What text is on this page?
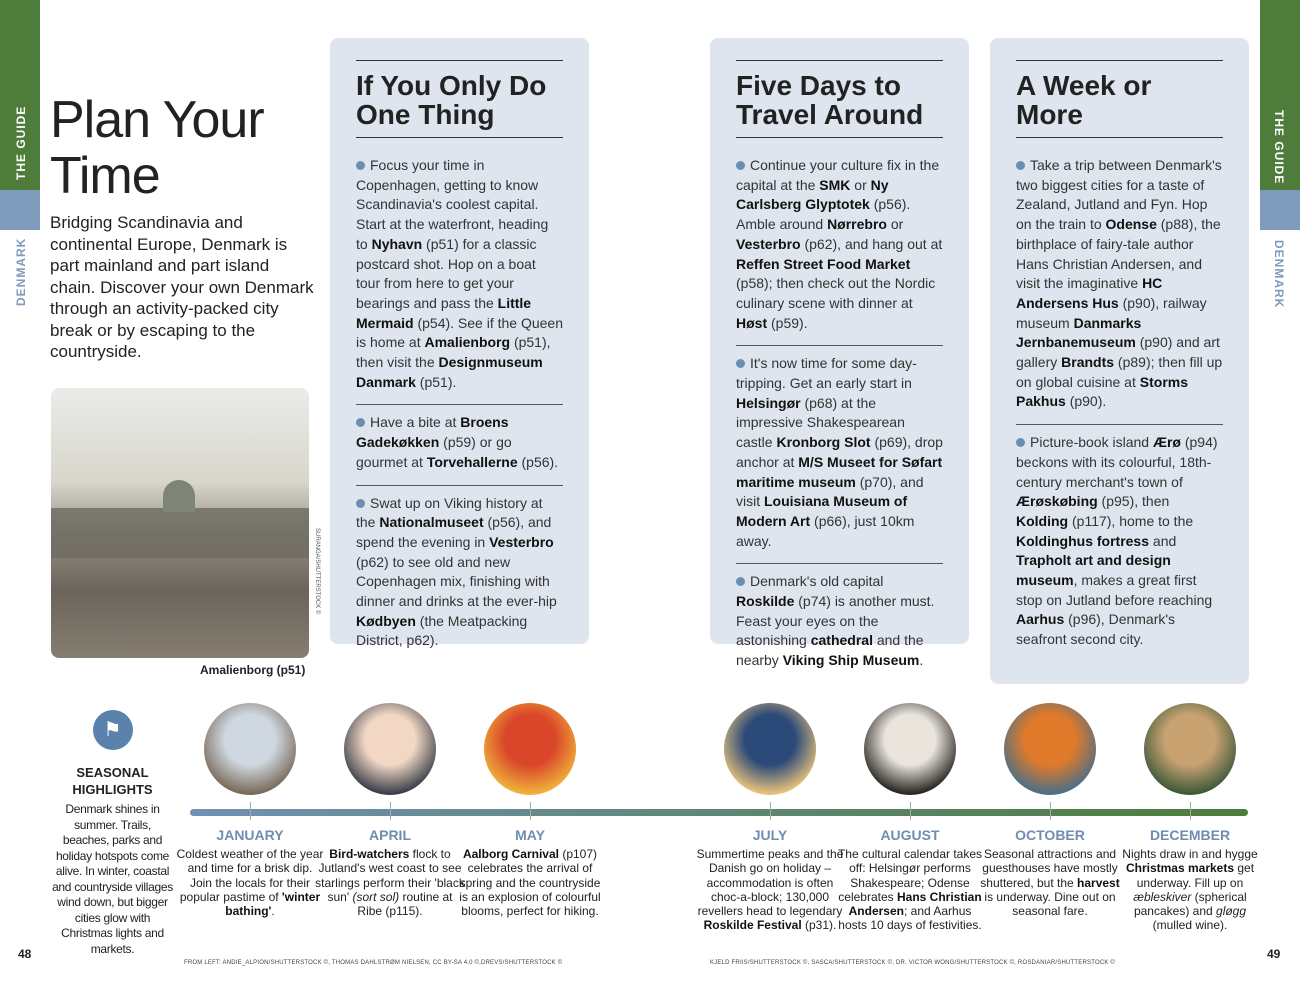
THE GUIDE
DENMARK
THE GUIDE
DENMARK
Plan Your Time

Bridging Scandinavia and continental Europe, Denmark is part mainland and part island chain. Discover your own Denmark through an activity-packed city break or by escaping to the countryside.

SURANGA/SHUTTERSTOCK ©
Amalienborg (p51)
If You Only Do One Thing

Focus your time in Copenhagen, getting to know Scandinavia's coolest capital. Start at the waterfront, heading to Nyhavn (p51) for a classic postcard shot. Hop on a boat tour from here to get your bearings and pass the Little Mermaid (p54). See if the Queen is home at Amalienborg (p51), then visit the Designmuseum Danmark (p51).

Have a bite at Broens Gadekøkken (p59) or go gourmet at Torvehallerne (p56).

Swat up on Viking history at the Nationalmuseet (p56), and spend the evening in Vesterbro (p62) to see old and new Copenhagen mix, finishing with dinner and drinks at the ever-hip Kødbyen (the Meatpacking District, p62).

Five Days to Travel Around

Continue your culture fix in the capital at the SMK or Ny Carlsberg Glyptotek (p56). Amble around Nørrebro or Vesterbro (p62), and hang out at Reffen Street Food Market (p58); then check out the Nordic culinary scene with dinner at Høst (p59).

It's now time for some day-tripping. Get an early start in Helsingør (p68) at the impressive Shakespearean castle Kronborg Slot (p69), drop anchor at M/S Museet for Søfart maritime museum (p70), and visit Louisiana Museum of Modern Art (p66), just 10km away.

Denmark's old capital Roskilde (p74) is another must. Feast your eyes on the astonishing cathedral and the nearby Viking Ship Museum.

A Week or More

Take a trip between Denmark's two biggest cities for a taste of Zealand, Jutland and Fyn. Hop on the train to Odense (p88), the birthplace of fairy-tale author Hans Christian Andersen, and visit the imaginative HC Andersens Hus (p90), railway museum Danmarks Jernbanemuseum (p90) and art gallery Brandts (p89); then fill up on global cuisine at Storms Pakhus (p90).

Picture-book island Ærø (p94) beckons with its colourful, 18th-century merchant's town of Ærøskøbing (p95), then Kolding (p117), home to the Koldinghus fortress and Trapholt art and design museum, makes a great first stop on Jutland before reaching Aarhus (p96), Denmark's seafront second city.

⚑
SEASONAL HIGHLIGHTS

Denmark shines in summer. Trails, beaches, parks and holiday hotspots come alive. In winter, coastal and countryside villages wind down, but bigger cities glow with Christmas lights and markets.

JANUARY
Coldest weather of the year and time for a brisk dip. Join the locals for their popular pastime of 'winter bathing'.
APRIL
Bird-watchers flock to Jutland's west coast to see starlings perform their 'black sun' (sort sol) routine at Ribe (p115).
MAY
Aalborg Carnival (p107) celebrates the arrival of spring and the countryside is an explosion of colourful blooms, perfect for hiking.
JULY
Summertime peaks and the Danish go on holiday – accommodation is often choc-a-block; 130,000 revellers head to legendary Roskilde Festival (p31).
AUGUST
The cultural calendar takes off: Helsingør performs Shakespeare; Odense celebrates Hans Christian Andersen; and Aarhus hosts 10 days of festivities.
OCTOBER
Seasonal attractions and guesthouses have mostly shuttered, but the harvest is underway. Dine out on seasonal fare.
DECEMBER
Nights draw in and hygge Christmas markets get underway. Fill up on æbleskiver (spherical pancakes) and gløgg (mulled wine).
48	49
FROM LEFT: ANDIE_ALPION/SHUTTERSTOCK ©, THOMAS DAHLSTRØM NIELSEN, CC BY-SA 4.0 ©,DREVS/SHUTTERSTOCK ©	KJELD FRIIS/SHUTTERSTOCK ©, SASCA/SHUTTERSTOCK ©, DR. VICTOR WONG/SHUTTERSTOCK ©, ROSDANIAR/SHUTTERSTOCK ©
